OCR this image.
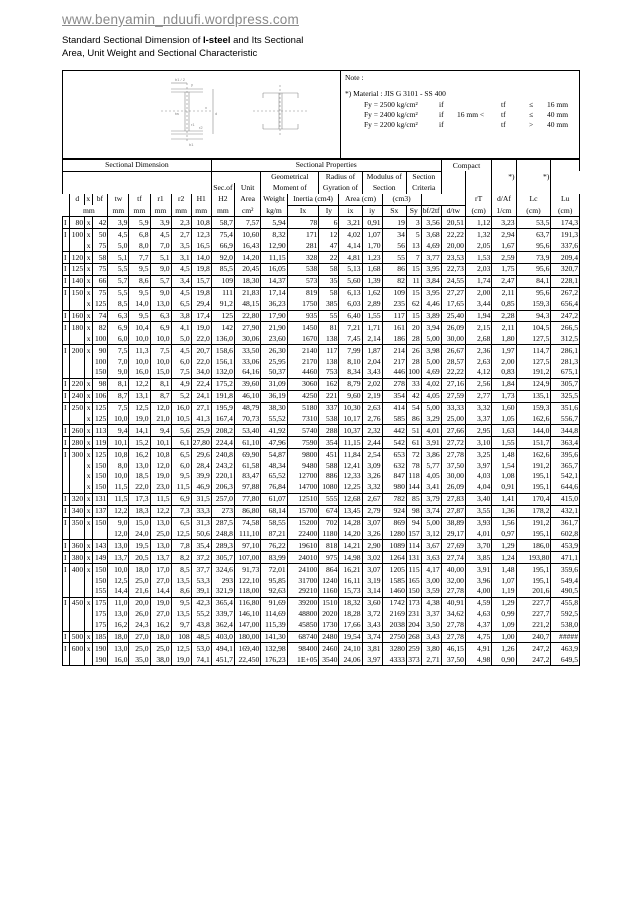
www.benyamin_nduufi.wordpress.com
Standard Sectional Dimension of I-steel and Its Sectional
Area, Unit Weight and Sectional Characteristic
b1 / 2
b1
tw	d
x
y
r1
r2
Note :
*) Material : JIS G 3101 - SS 400
Fy = 2500 kg/cm²	if	tf	≤ 16 mm
Fy = 2400 kg/cm²	if 16 mm < tf	≤ 40 mm
Fy = 2200 kg/cm²	if	tf	> 40 mm
Sectional Dimension									Sectional Properties										Compact				
											Geometrical		Radius of		Modulus of		Section				*)	*)	
									Sec.of	Unit	Moment of		Gyration of		Section		Criteria						
	d	x	bf	tw	tf	r1	r2	H1	H2	Area	Weight	Inertia (cm4)		Area (cm)		(cm3)				rT	d/Af	Lc	Lu
	mm			mm	mm	mm	mm	mm	mm	cm²	kg/m	Ix	Iy	ix	iy	Sx	Sy	bf/2tf	d/tw	(cm)	1/cm	(cm)	(cm)
I	80	x	42	3,9	5,9	3,9	2,3	10,8	58,7	7,57	5,94	78	6	3,21	0,91	19	3	3,56	20,51	1,12	3,23	53,5	174,3
I	100	x	50	4,5	6,8	4,5	2,7	12,3	75,4	10,60	8,32	171	12	4,02	1,07	34	5	3,68	22,22	1,32	2,94	63,7	191,3
		x	75	5,0	8,0	7,0	3,5	16,5	66,9	16,43	12,90	281	47	4,14	1,70	56	13	4,69	20,00	2,05	1,67	95,6	337,6
I	120	x	58	5,1	7,7	5,1	3,1	14,0	92,0	14,20	11,15	328	22	4,81	1,23	55	7	3,77	23,53	1,53	2,59	73,9	209,4
I	125	x	75	5,5	9,5	9,0	4,5	19,8	85,5	20,45	16,05	538	58	5,13	1,68	86	15	3,95	22,73	2,03	1,75	95,6	320,7
I	140	x	66	5,7	8,6	5,7	3,4	15,7	109	18,30	14,37	573	35	5,60	1,39	82	11	3,84	24,55	1,74	2,47	84,1	228,1
I	150	x	75	5,5	9,5	9,0	4,5	19,8	111	21,83	17,14	819	58	6,13	1,62	109	15	3,95	27,27	2,00	2,11	95,6	267,2
		x	125	8,5	14,0	13,0	6,5	29,4	91,2	48,15	36,23	1750	385	6,03	2,89	235	62	4,46	17,65	3,44	0,85	159,3	656,4
I	160	x	74	6,3	9,5	6,3	3,8	17,4	125	22,80	17,90	935	55	6,40	1,55	117	15	3,89	25,40	1,94	2,28	94,3	247,2
I	180	x	82	6,9	10,4	6,9	4,1	19,0	142	27,90	21,90	1450	81	7,21	1,71	161	20	3,94	26,09	2,15	2,11	104,5	266,5
		x	100	6,0	10,0	10,0	5,0	22,0	136,0	30,06	23,60	1670	138	7,45	2,14	186	28	5,00	30,00	2,68	1,80	127,5	312,5
I	200	x	90	7,5	11,3	7,5	4,5	20,7	158,6	33,50	26,30	2140	117	7,99	1,87	214	26	3,98	26,67	2,36	1,97	114,7	286,1
			100	7,0	10,0	10,0	6,0	22,0	156,1	33,06	25,95	2170	138	8,10	2,04	217	28	5,00	28,57	2,63	2,00	127,5	281,3
			150	9,0	16,0	15,0	7,5	34,0	132,0	64,16	50,37	4460	753	8,34	3,43	446	100	4,69	22,22	4,12	0,83	191,2	675,1
I	220	x	98	8,1	12,2	8,1	4,9	22,4	175,2	39,60	31,09	3060	162	8,79	2,02	278	33	4,02	27,16	2,56	1,84	124,9	305,7
I	240	x	106	8,7	13,1	8,7	5,2	24,1	191,8	46,10	36,19	4250	221	9,60	2,19	354	42	4,05	27,59	2,77	1,73	135,1	325,5
I	250	x	125	7,5	12,5	12,0	16,0	27,1	195,9	48,79	38,30	5180	337	10,30	2,63	414	54	5,00	33,33	3,32	1,60	159,3	351,6
		x	125	10,0	19,0	21,0	10,5	41,3	167,4	70,73	55,52	7310	538	10,17	2,76	585	86	3,29	25,00	3,37	1,05	162,6	556,7
I	260	x	113	9,4	14,1	9,4	5,6	25,9	208,2	53,40	41,92	5740	288	10,37	2,32	442	51	4,01	27,66	2,95	1,63	144,0	344,8
I	280	x	119	10,1	15,2	10,1	6,1	27,80	224,4	61,10	47,96	7590	354	11,15	2,44	542	61	3,91	27,72	3,10	1,55	151,7	363,4
I	300	x	125	10,8	16,2	10,8	6,5	29,6	240,8	69,90	54,87	9800	451	11,84	2,54	653	72	3,86	27,78	3,25	1,48	162,6	395,6
		x	150	8,0	13,0	12,0	6,0	28,4	243,2	61,58	48,34	9480	588	12,41	3,09	632	78	5,77	37,50	3,97	1,54	191,2	365,7
		x	150	10,0	18,5	19,0	9,5	39,9	220,1	83,47	65,52	12700	886	12,33	3,26	847	118	4,05	30,00	4,03	1,08	195,1	542,1
		x	150	11,5	22,0	23,0	11,5	46,9	206,3	97,88	76,84	14700	1080	12,25	3,32	980	144	3,41	26,09	4,04	0,91	195,1	644,6
I	320	x	131	11,5	17,3	11,5	6,9	31,5	257,0	77,80	61,07	12510	555	12,68	2,67	782	85	3,79	27,83	3,40	1,41	170,4	415,0
I	340	x	137	12,2	18,3	12,2	7,3	33,3	273	86,80	68,14	15700	674	13,45	2,79	924	98	3,74	27,87	3,55	1,36	178,2	432,1
I	350	x	150	9,0	15,0	13,0	6,5	31,3	287,5	74,58	58,55	15200	702	14,28	3,07	869	94	5,00	38,89	3,93	1,56	191,2	361,7
				12,0	24,0	25,0	12,5	50,6	248,8	111,10	87,21	22400	1180	14,20	3,26	1280	157	3,12	29,17	4,01	0,97	195,1	602,8
I	360	x	143	13,0	19,5	13,0	7,8	35,4	289,3	97,10	76,22	19610	818	14,21	2,90	1089	114	3,67	27,69	3,70	1,29	186,0	453,9
I	380	x	149	13,7	20,5	13,7	8,2	37,2	305,7	107,00	83,99	24010	975	14,98	3,02	1264	131	3,63	27,74	3,85	1,24	193,80	471,1
I	400	x	150	10,0	18,0	17,0	8,5	37,7	324,6	91,73	72,01	24100	864	16,21	3,07	1205	115	4,17	40,00	3,91	1,48	195,1	359,6
			150	12,5	25,0	27,0	13,5	53,3	293	122,10	95,85	31700	1240	16,11	3,19	1585	165	3,00	32,00	3,96	1,07	195,1	549,4
			155	14,4	21,6	14,4	8,6	39,1	321,9	118,00	92,63	29210	1160	15,73	3,14	1460	150	3,59	27,78	4,00	1,19	201,6	490,5
I	450	x	175	11,0	20,0	19,0	9,5	42,3	365,4	116,80	91,69	39200	1510	18,32	3,60	1742	173	4,38	40,91	4,59	1,29	227,7	455,8
			175	13,0	26,0	27,0	13,5	55,2	339,7	146,10	114,69	48800	2020	18,28	3,72	2169	231	3,37	34,62	4,63	0,99	227,7	592,5
			175	16,2	24,3	16,2	9,7	43,8	362,4	147,00	115,39	45850	1730	17,66	3,43	2038	204	3,50	27,78	4,37	1,09	221,2	538,0
I	500	x	185	18,0	27,0	18,0	108	48,5	403,0	180,00	141,30	68740	2480	19,54	3,74	2750	268	3,43	27,78	4,75	1,00	240,7	#####
I	600	x	190	13,0	25,0	25,0	12,5	53,0	494,1	169,40	132,98	98400	2460	24,10	3,81	3280	259	3,80	46,15	4,91	1,26	247,2	463,9
			190	16,0	35,0	38,0	19,0	74,1	451,7	22,450	176,23	1E+05	3540	24,06	3,97	4333	373	2,71	37,50	4,98	0,90	247,2	649,5
